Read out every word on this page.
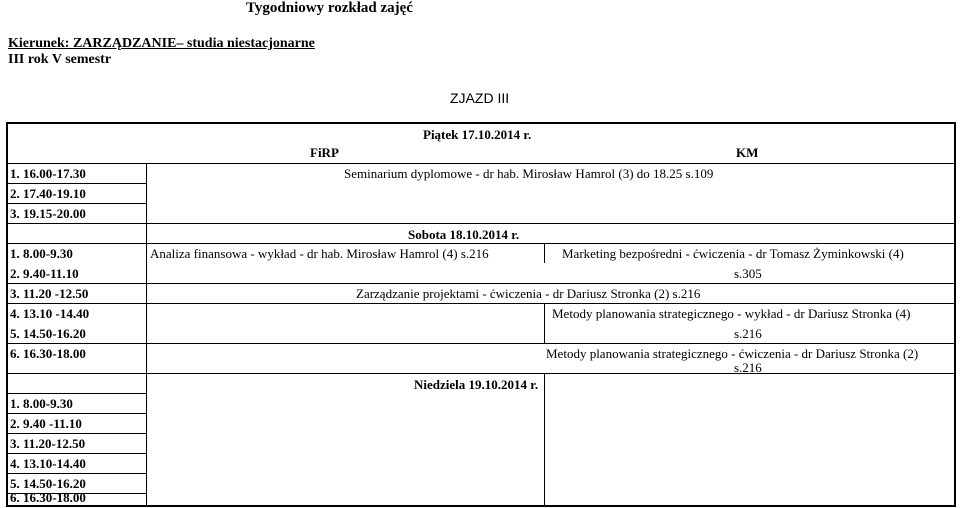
Tygodniowy rozkład zajęć
Kierunek: ZARZĄDZANIE– studia niestacjonarne
III rok V semestr
ZJAZD III
Piątek 17.10.2014 r.
FiRP	KM
1. 16.00-17.30
2. 17.40-19.10
3. 19.15-20.00
Seminarium dyplomowe - dr hab. Mirosław Hamrol (3) do 18.25 s.109
Sobota 18.10.2014 r.
1. 8.00-9.30
2. 9.40-11.10
3. 11.20 -12.50
4. 13.10 -14.40
5. 14.50-16.20
6. 16.30-18.00
Analiza finansowa - wykład - dr hab. Mirosław Hamrol (4) s.216	Marketing bezpośredni - ćwiczenia - dr Tomasz Żyminkowski (4)
s.305
Zarządzanie projektami - ćwiczenia - dr Dariusz Stronka (2) s.216
Metody planowania strategicznego - wykład - dr Dariusz Stronka (4)
s.216
Metody planowania strategicznego - ćwiczenia - dr Dariusz Stronka (2)
s.216
Niedziela 19.10.2014 r.
1. 8.00-9.30
2. 9.40 -11.10
3. 11.20-12.50
4. 13.10-14.40
5. 14.50-16.20
6. 16.30-18.00
